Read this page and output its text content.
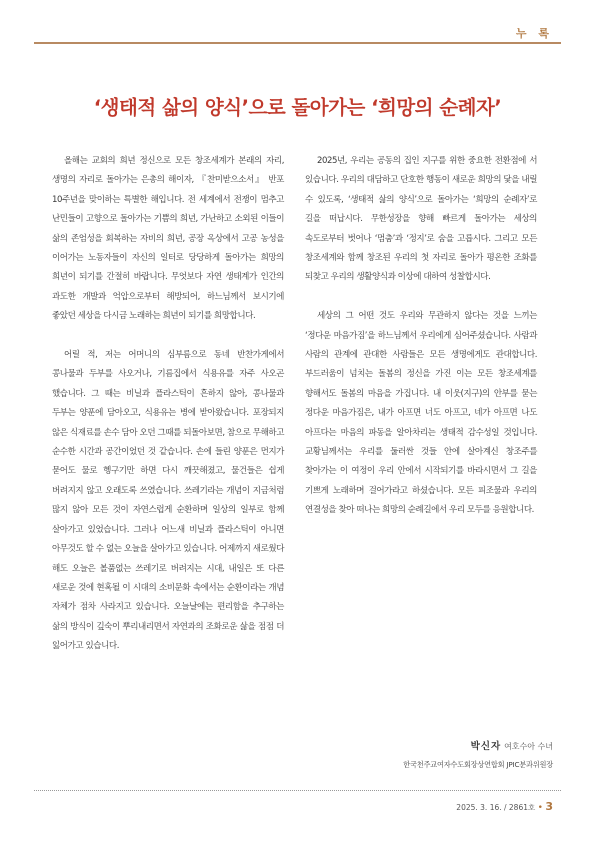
누 록
‘생태적 삶의 양식’으로 돌아가는 ‘희망의 순례자’

올해는 교회의 희년 정신으로 모든 창조세계가 본래의 자리, 생명의 자리로 돌아가는 은총의 해이자, 『찬미받으소서』 반포 10주년을 맞이하는 특별한 해입니다. 전 세계에서 전쟁이 멈추고 난민들이 고향으로 돌아가는 기쁨의 희년, 가난하고 소외된 이들이 삶의 존엄성을 회복하는 자비의 희년, 공장 옥상에서 고공 농성을 이어가는 노동자들이 자신의 일터로 당당하게 돌아가는 희망의 희년이 되기를 간절히 바랍니다. 무엇보다 자연 생태계가 인간의 과도한 개발과 억압으로부터 해방되어, 하느님께서 보시기에 좋았던 세상을 다시금 노래하는 희년이 되기를 희망합니다.

어릴 적, 저는 어머니의 심부름으로 동네 반찬가게에서 콩나물과 두부를 사오거나, 기름집에서 식용유를 자주 사오곤 했습니다. 그 때는 비닐과 플라스틱이 흔하지 않아, 콩나물과 두부는 양푼에 담아오고, 식용유는 병에 받아왔습니다. 포장되지 않은 식재료를 손수 담아 오던 그때를 되돌아보면, 참으로 무해하고 순수한 시간과 공간이었던 것 같습니다. 손에 들린 양푼은 먼지가 묻어도 물로 헹구기만 하면 다시 깨끗해졌고, 물건들은 쉽게 버려지지 않고 오래도록 쓰였습니다. 쓰레기라는 개념이 지금처럼 많지 않아 모든 것이 자연스럽게 순환하며 일상의 일부로 함께 살아가고 있었습니다. 그러나 어느새 비닐과 플라스틱이 아니면 아무것도 할 수 없는 오늘을 살아가고 있습니다. 어제까지 새로웠다 해도 오늘은 볼품없는 쓰레기로 버려지는 시대, 내일은 또 다른 새로운 것에 현혹될 이 시대의 소비문화 속에서는 순환이라는 개념 자체가 점차 사라지고 있습니다. 오늘날에는 편리함을 추구하는 삶의 방식이 깊숙이 뿌리내리면서 자연과의 조화로운 삶을 점점 더 잃어가고 있습니다.

2025년, 우리는 공동의 집인 지구를 위한 중요한 전환점에 서 있습니다. 우리의 대담하고 단호한 행동이 새로운 희망의 닻을 내릴 수 있도록, ‘생태적 삶의 양식’으로 돌아가는 ‘희망의 순례자’로 길을 떠납시다. 무한성장을 향해 빠르게 돌아가는 세상의 속도로부터 벗어나 ‘멈춤’과 ‘정지’로 숨을 고릅시다. 그리고 모든 창조세계와 함께 창조된 우리의 첫 자리로 돌아가 평온한 조화를 되찾고 우리의 생활양식과 이상에 대하여 성찰합시다.

세상의 그 어떤 것도 우리와 무관하지 않다는 것을 느끼는 ‘정다운 마음가짐’을 하느님께서 우리에게 심어주셨습니다. 사람과 사람의 관계에 관대한 사람들은 모든 생명에게도 관대합니다. 부드러움이 넘치는 돌봄의 정신을 가진 이는 모든 창조세계를 향해서도 돌봄의 마음을 가집니다. 내 이웃(지구)의 안부를 묻는 정다운 마음가짐은, 내가 아프면 너도 아프고, 네가 아프면 나도 아프다는 마음의 파동을 알아차리는 생태적 감수성일 것입니다. 교황님께서는 우리를 둘러싼 것들 안에 살아계신 창조주를 찾아가는 이 여정이 우리 안에서 시작되기를 바라시면서 그 길을 기쁘게 노래하며 걸어가라고 하셨습니다. 모든 피조물과 우리의 연결성을 찾아 떠나는 희망의 순례길에서 우리 모두를 응원합니다.

박신자 여호수아 수녀
한국천주교여자수도회장상연합회 JPIC분과위원장
2025. 3. 16. / 2861호 • 3
